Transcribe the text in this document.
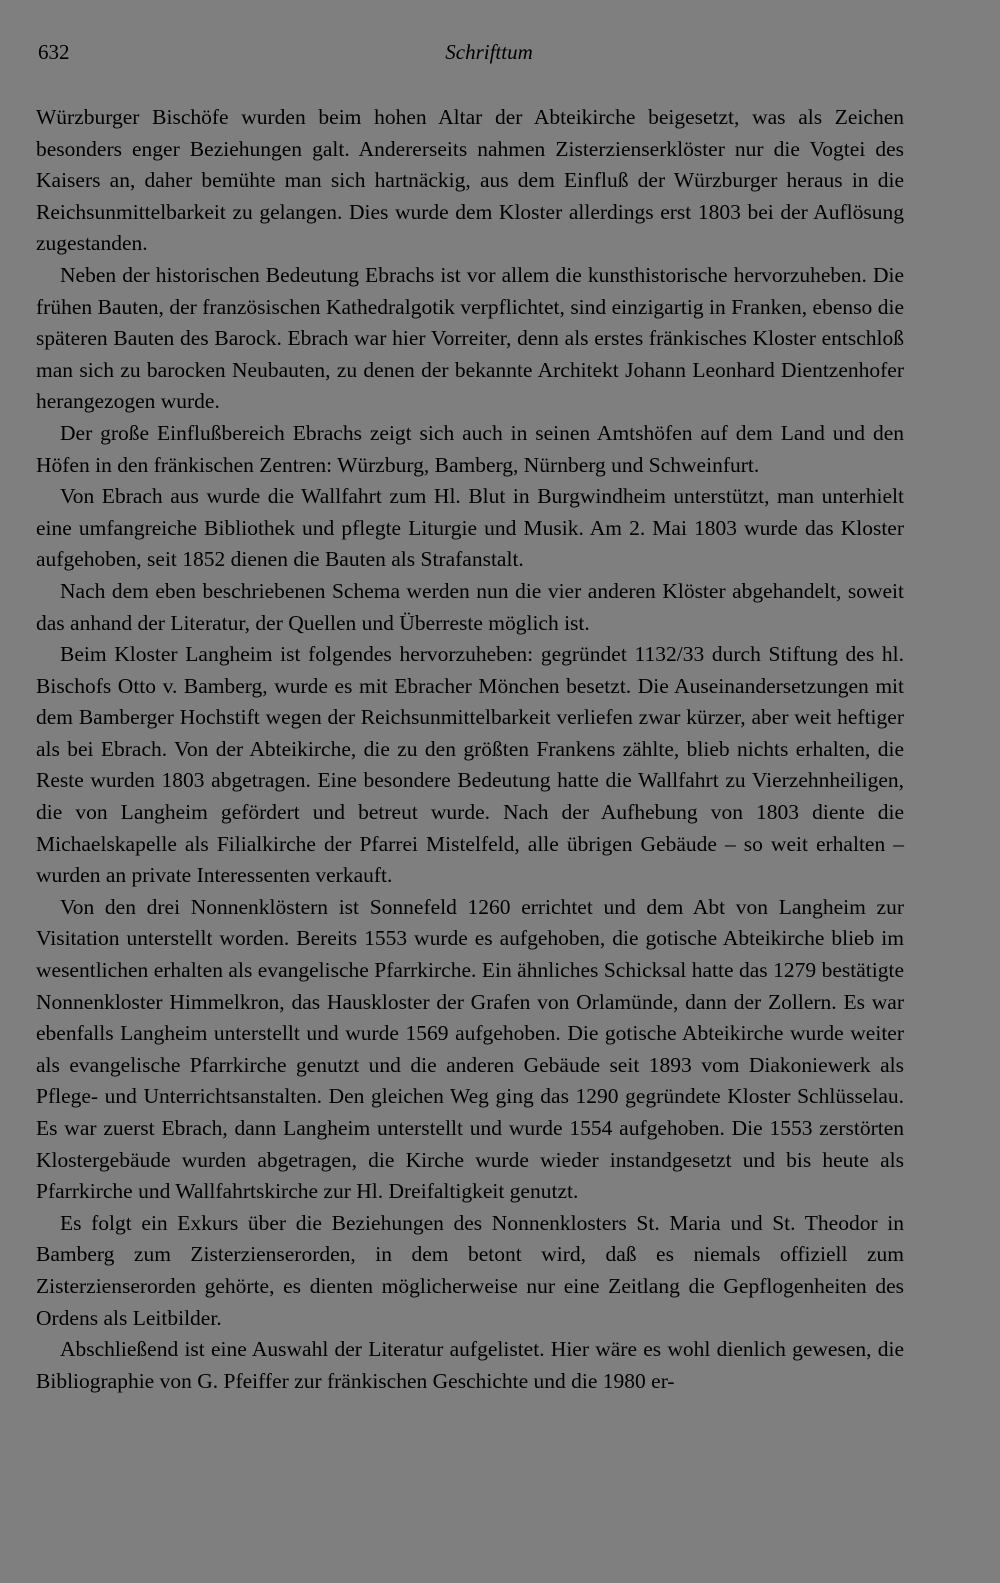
632	Schrifttum

Würzburger Bischöfe wurden beim hohen Altar der Abteikirche beigesetzt, was als Zeichen besonders enger Beziehungen galt. Andererseits nahmen Zisterzienserklöster nur die Vogtei des Kaisers an, daher bemühte man sich hartnäckig, aus dem Einfluß der Würzburger heraus in die Reichsunmittelbarkeit zu gelangen. Dies wurde dem Kloster allerdings erst 1803 bei der Auflösung zugestanden.

Neben der historischen Bedeutung Ebrachs ist vor allem die kunsthistorische hervorzuheben. Die frühen Bauten, der französischen Kathedralgotik verpflichtet, sind einzigartig in Franken, ebenso die späteren Bauten des Barock. Ebrach war hier Vorreiter, denn als erstes fränkisches Kloster entschloß man sich zu barocken Neubauten, zu denen der bekannte Architekt Johann Leonhard Dientzenhofer herangezogen wurde.

Der große Einflußbereich Ebrachs zeigt sich auch in seinen Amtshöfen auf dem Land und den Höfen in den fränkischen Zentren: Würzburg, Bamberg, Nürnberg und Schweinfurt.

Von Ebrach aus wurde die Wallfahrt zum Hl. Blut in Burgwindheim unterstützt, man unterhielt eine umfangreiche Bibliothek und pflegte Liturgie und Musik. Am 2. Mai 1803 wurde das Kloster aufgehoben, seit 1852 dienen die Bauten als Strafanstalt.

Nach dem eben beschriebenen Schema werden nun die vier anderen Klöster abgehandelt, soweit das anhand der Literatur, der Quellen und Überreste möglich ist.

Beim Kloster Langheim ist folgendes hervorzuheben: gegründet 1132/33 durch Stiftung des hl. Bischofs Otto v. Bamberg, wurde es mit Ebracher Mönchen besetzt. Die Auseinandersetzungen mit dem Bamberger Hochstift wegen der Reichsunmittelbarkeit verliefen zwar kürzer, aber weit heftiger als bei Ebrach. Von der Abteikirche, die zu den größten Frankens zählte, blieb nichts erhalten, die Reste wurden 1803 abgetragen. Eine besondere Bedeutung hatte die Wallfahrt zu Vierzehnheiligen, die von Langheim gefördert und betreut wurde. Nach der Aufhebung von 1803 diente die Michaelskapelle als Filialkirche der Pfarrei Mistelfeld, alle übrigen Gebäude – so weit erhalten – wurden an private Interessenten verkauft.

Von den drei Nonnenklöstern ist Sonnefeld 1260 errichtet und dem Abt von Langheim zur Visitation unterstellt worden. Bereits 1553 wurde es aufgehoben, die gotische Abteikirche blieb im wesentlichen erhalten als evangelische Pfarrkirche. Ein ähnliches Schicksal hatte das 1279 bestätigte Nonnenkloster Himmelkron, das Hauskloster der Grafen von Orlamünde, dann der Zollern. Es war ebenfalls Langheim unterstellt und wurde 1569 aufgehoben. Die gotische Abteikirche wurde weiter als evangelische Pfarrkirche genutzt und die anderen Gebäude seit 1893 vom Diakoniewerk als Pflege- und Unterrichtsanstalten. Den gleichen Weg ging das 1290 gegründete Kloster Schlüsselau. Es war zuerst Ebrach, dann Langheim unterstellt und wurde 1554 aufgehoben. Die 1553 zerstörten Klostergebäude wurden abgetragen, die Kirche wurde wieder instandgesetzt und bis heute als Pfarrkirche und Wallfahrtskirche zur Hl. Dreifaltigkeit genutzt.

Es folgt ein Exkurs über die Beziehungen des Nonnenklosters St. Maria und St. Theodor in Bamberg zum Zisterzienserorden, in dem betont wird, daß es niemals offiziell zum Zisterzienserorden gehörte, es dienten möglicherweise nur eine Zeitlang die Gepflogenheiten des Ordens als Leitbilder.

Abschließend ist eine Auswahl der Literatur aufgelistet. Hier wäre es wohl dienlich gewesen, die Bibliographie von G. Pfeiffer zur fränkischen Geschichte und die 1980 er-
